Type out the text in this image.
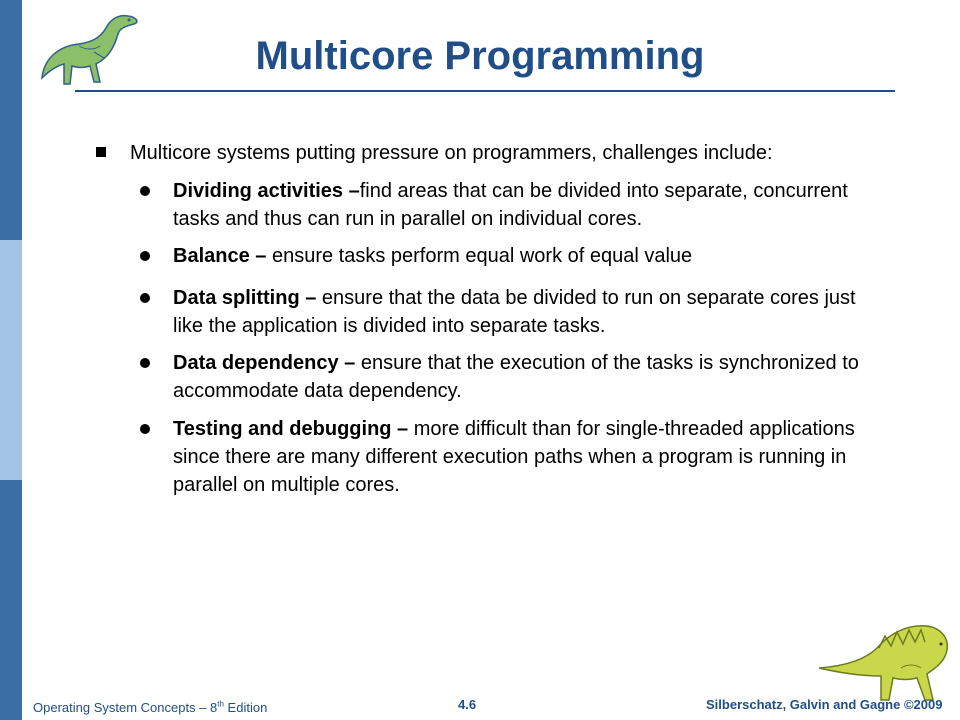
Multicore Programming
Multicore systems putting pressure on programmers, challenges include:
Dividing activities –find areas that can be divided into separate, concurrent tasks and thus can run in parallel on individual cores.
Balance – ensure tasks perform equal work of equal value
Data splitting – ensure that the data be divided to run on separate cores just like the application is divided into separate tasks.
Data dependency – ensure that the execution of the tasks is synchronized to accommodate data dependency.
Testing and debugging – more difficult than for single-threaded applications since there are many different execution paths when a program is running in parallel on multiple cores.
Operating System Concepts – 8th Edition	4.6	Silberschatz, Galvin and Gagne ©2009
